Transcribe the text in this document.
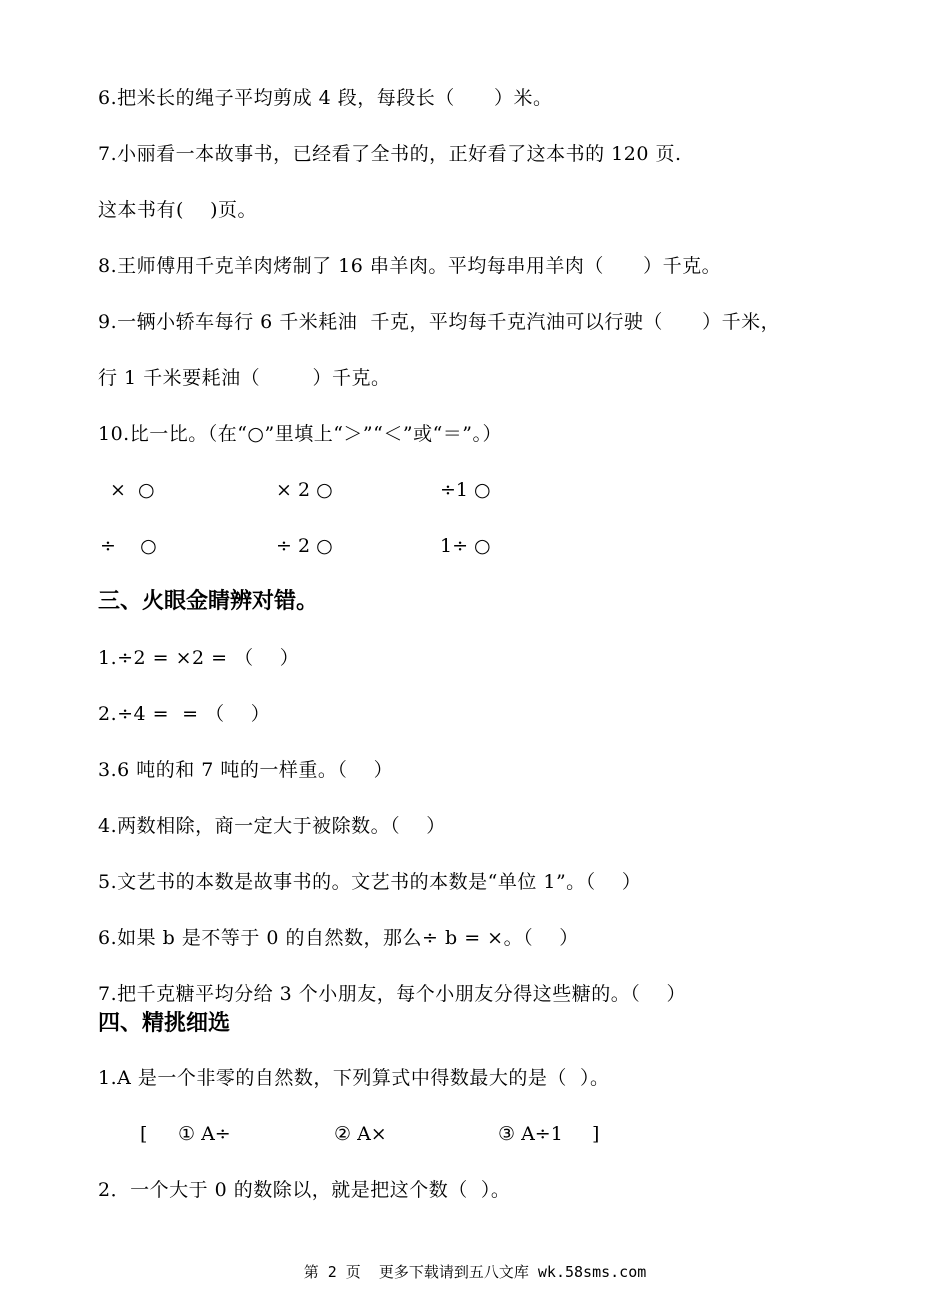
6.把米长的绳子平均剪成 4 段，每段长（      ）米。
7.小丽看一本故事书，已经看了全书的，正好看了这本书的 120 页.
这本书有(    )页。
8.王师傅用千克羊肉烤制了 16 串羊肉。平均每串用羊肉（      ）千克。
9.一辆小轿车每行 6 千米耗油  千克，平均每千克汽油可以行驶（      ）千米，
行 1 千米要耗油（        ）千克。
10.比一比。（在“○”里填上“＞”“＜”或“＝”。）
×  ○	× 2 ○	÷1 ○
÷    ○	÷ 2 ○	1÷ ○
三、火眼金睛辨对错。
1.÷2 = ×2 = （    ）
2.÷4 =  = （    ）
3.6 吨的和 7 吨的一样重。（    ）
4.两数相除，商一定大于被除数。（    ）
5.文艺书的本数是故事书的。文艺书的本数是“单位 1”。（    ）
6.如果 b 是不等于 0 的自然数，那么÷ b = ×。（    ）
7.把千克糖平均分给 3 个小朋友，每个小朋友分得这些糖的。（    ）
四、精挑细选
1.A 是一个非零的自然数，下列算式中得数最大的是（  ）。
[ ① A÷	② A×	③ A÷1 ]
2．一个大于 0 的数除以，就是把这个数（  ）。
第 2 页  更多下载请到五八文库 wk.58sms.com
